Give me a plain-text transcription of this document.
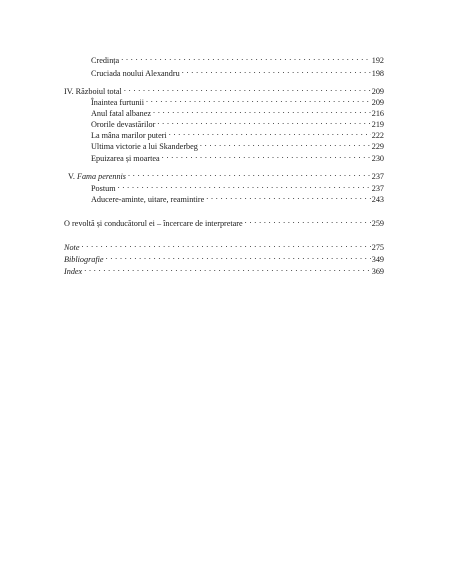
Credința . . .	192
Cruciada noului Alexandru . . .	198
IV. Războiul total . . .	209
Înaintea furtunii . . .	209
Anul fatal albanez . . .	216
Ororile devastărilor . . .	219
La mâna marilor puteri . . .	222
Ultima victorie a lui Skanderbeg . . .	229
Epuizarea și moartea . . .	230
V. Fama perennis . . .	237
Postum . . .	237
Aducere-aminte, uitare, reamintire . . .	243
O revoltă și conducătorul ei – încercare de interpretare . . .	259
Note . . .	275
Bibliografie . . .	349
Index . . .	369
